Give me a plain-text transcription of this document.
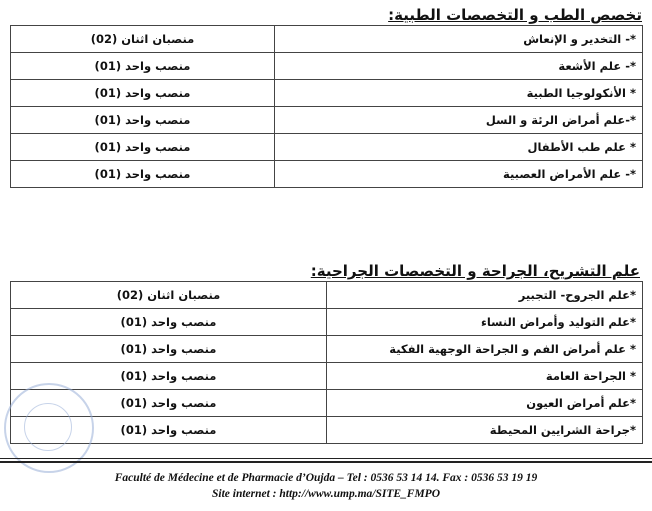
تخصص الطب و التخصصات الطبية:
*- التخدير و الإنعاش	منصبان اثنان (02)
*- علم الأشعة	منصب واحد (01)
* الأنكولوجيا الطبية	منصب واحد (01)
*-علم أمراض الرئة و السل	منصب واحد (01)
* علم طب الأطفال	منصب واحد (01)
*- علم الأمراض العصبية	منصب واحد (01)
علم التشريح، الجراحة و التخصصات الجراحية:
*علم الجروح- التجبير	منصبان اثنان (02)
*علم التوليد وأمراض النساء	منصب واحد (01)
* علم أمراض الفم و الجراحة الوجهية الفكية	منصب واحد (01)
* الجراحة العامة	منصب واحد (01)
*علم أمراض العيون	منصب واحد (01)
*جراحة الشرايين المحيطة	منصب واحد (01)
Faculté de Médecine et de Pharmacie d’Oujda – Tel : 0536 53 14 14. Fax : 0536 53 19 19
Site internet : http://www.ump.ma/SITE_FMPO
